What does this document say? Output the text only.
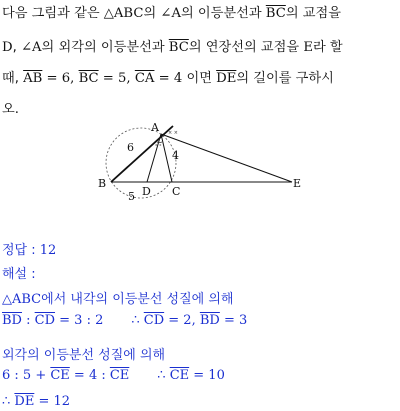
다음 그림과 같은 △ABC의 ∠A의 이등분선과 $\overline{BC}$의 교점을
D, ∠A의 외각의 이등분선과 $\overline{BC}$의 연장선의 교점을 E라 할
때, $\overline{AB} = 6$, $\overline{BC} = 5$, $\overline{CA} = 4$ 이면 $\overline{DE}$의 길이를 구하시
오.
° °
× ×
A
B
D C
E
6
4
5
정답 : 12
해설 :
△ABC에서 내각의 이등분선 성질에 의해
$\overline{BD}$ : $\overline{CD} = 3$ : 2 ∴ $\overline{CD} = 2$, $\overline{BD} = 3$
외각의 이등분선 성질에 의해
6 : $5 + \overline{CE} = 4$ : $\overline{CE}$ ∴ $\overline{CE} = 10$
∴ $\overline{DE} = 12$
